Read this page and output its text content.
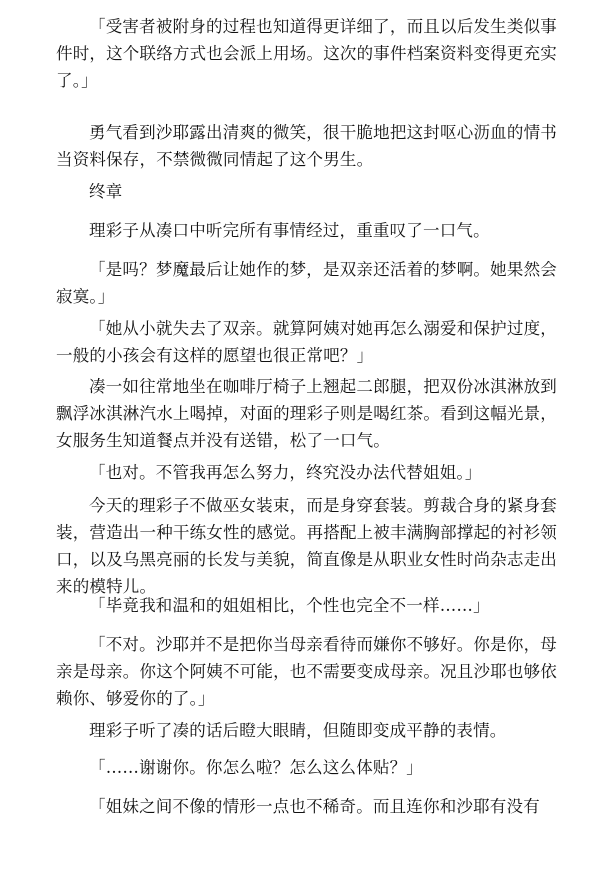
「受害者被附身的过程也知道得更详细了，而且以后发生类似事件时，这个联络方式也会派上用场。这次的事件档案资料变得更充实了。」

勇气看到沙耶露出清爽的微笑，很干脆地把这封呕心沥血的情书当资料保存，不禁微微同情起了这个男生。

终章

理彩子从凑口中听完所有事情经过，重重叹了一口气。

「是吗？梦魔最后让她作的梦，是双亲还活着的梦啊。她果然会寂寞。」

「她从小就失去了双亲。就算阿姨对她再怎么溺爱和保护过度，一般的小孩会有这样的愿望也很正常吧？」

凑一如往常地坐在咖啡厅椅子上翘起二郎腿，把双份冰淇淋放到飘浮冰淇淋汽水上喝掉，对面的理彩子则是喝红茶。看到这幅光景，女服务生知道餐点并没有送错，松了一口气。

「也对。不管我再怎么努力，终究没办法代替姐姐。」

今天的理彩子不做巫女装束，而是身穿套装。剪裁合身的紧身套装，营造出一种干练女性的感觉。再搭配上被丰满胸部撑起的衬衫领口，以及乌黑亮丽的长发与美貌，简直像是从职业女性时尚杂志走出来的模特儿。

「毕竟我和温和的姐姐相比，个性也完全不一样……」

「不对。沙耶并不是把你当母亲看待而嫌你不够好。你是你，母亲是母亲。你这个阿姨不可能，也不需要变成母亲。况且沙耶也够依赖你、够爱你的了。」

理彩子听了凑的话后瞪大眼睛，但随即变成平静的表情。

「……谢谢你。你怎么啦？怎么这么体贴？」

「姐妹之间不像的情形一点也不稀奇。而且连你和沙耶有没有
